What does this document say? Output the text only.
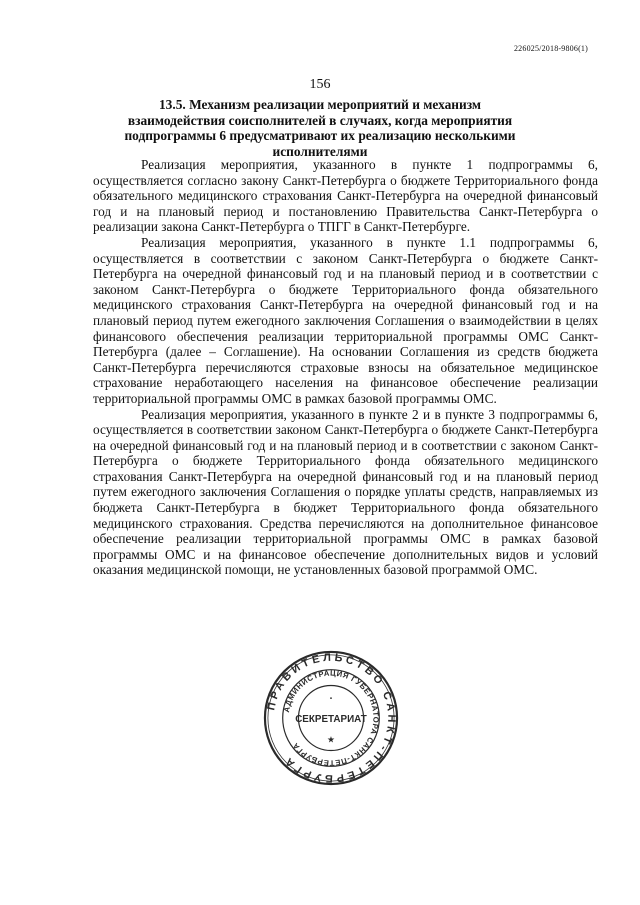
226025/2018-9806(1)
156
13.5. Механизм реализации мероприятий и механизм взаимодействия соисполнителей в случаях, когда мероприятия подпрограммы 6 предусматривают их реализацию несколькими исполнителями

Реализация мероприятия, указанного в пункте 1 подпрограммы 6, осуществляется согласно закону Санкт-Петербурга о бюджете Территориального фонда обязательного медицинского страхования Санкт-Петербурга на очередной финансовый год и на плановый период и постановлению Правительства Санкт-Петербурга о реализации закона Санкт-Петербурга о ТПГГ в Санкт-Петербурге.

Реализация мероприятия, указанного в пункте 1.1 подпрограммы 6, осуществляется в соответствии с законом Санкт-Петербурга о бюджете Санкт-Петербурга на очередной финансовый год и на плановый период и в соответствии с законом Санкт-Петербурга о бюджете Территориального фонда обязательного медицинского страхования Санкт-Петербурга на очередной финансовый год и на плановый период путем ежегодного заключения Соглашения о взаимодействии в целях финансового обеспечения реализации территориальной программы ОМС Санкт-Петербурга (далее – Соглашение). На основании Соглашения из средств бюджета Санкт-Петербурга перечисляются страховые взносы на обязательное медицинское страхование неработающего населения на финансовое обеспечение реализации территориальной программы ОМС в рамках базовой программы ОМС.

Реализация мероприятия, указанного в пункте 2 и в пункте 3 подпрограммы 6, осуществляется в соответствии законом Санкт-Петербурга о бюджете Санкт-Петербурга на очередной финансовый год и на плановый период и в соответствии с законом Санкт-Петербурга о бюджете Территориального фонда обязательного медицинского страхования Санкт-Петербурга на очередной финансовый год и на плановый период путем ежегодного заключения Соглашения о порядке уплаты средств, направляемых из бюджета Санкт-Петербурга в бюджет Территориального фонда обязательного медицинского страхования. Средства перечисляются на дополнительное финансовое обеспечение реализации территориальной программы ОМС в рамках базовой программы ОМС и на финансовое обеспечение дополнительных видов и условий оказания медицинской помощи, не установленных базовой программой ОМС.

ПРАВИТЕЛЬСТВО САНКТ-ПЕТЕРБУРГА
АДМИНИСТРАЦИЯ ГУБЕРНАТОРА САНКТ-ПЕТЕРБУРГА
СЕКРЕТАРИАТ
★
•
